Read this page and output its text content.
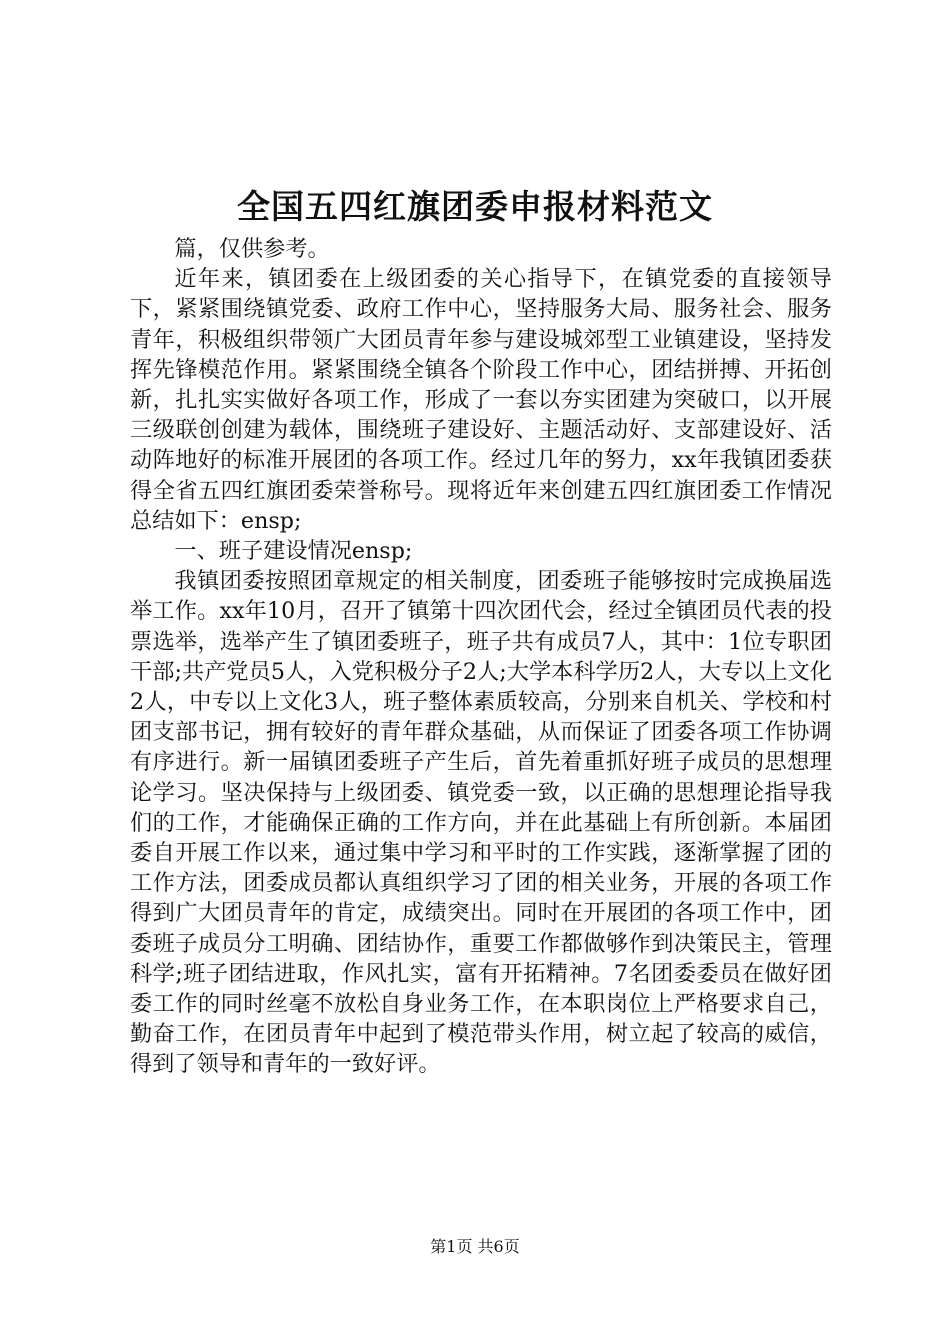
全国五四红旗团委申报材料范文

篇，仅供参考。

近年来，镇团委在上级团委的关心指导下，在镇党委的直接领导下，紧紧围绕镇党委、政府工作中心，坚持服务大局、服务社会、服务青年，积极组织带领广大团员青年参与建设城郊型工业镇建设，坚持发挥先锋模范作用。紧紧围绕全镇各个阶段工作中心，团结拼搏、开拓创新，扎扎实实做好各项工作，形成了一套以夯实团建为突破口，以开展三级联创创建为载体，围绕班子建设好、主题活动好、支部建设好、活动阵地好的标准开展团的各项工作。经过几年的努力，xx年我镇团委获得全省五四红旗团委荣誉称号。现将近年来创建五四红旗团委工作情况总结如下：ensp;

一、班子建设情况ensp;

我镇团委按照团章规定的相关制度，团委班子能够按时完成换届选举工作。xx年10月，召开了镇第十四次团代会，经过全镇团员代表的投票选举，选举产生了镇团委班子，班子共有成员7人，其中：1位专职团干部;共产党员5人，入党积极分子2人;大学本科学历2人，大专以上文化2人，中专以上文化3人，班子整体素质较高，分别来自机关、学校和村团支部书记，拥有较好的青年群众基础，从而保证了团委各项工作协调有序进行。新一届镇团委班子产生后，首先着重抓好班子成员的思想理论学习。坚决保持与上级团委、镇党委一致，以正确的思想理论指导我们的工作，才能确保正确的工作方向，并在此基础上有所创新。本届团委自开展工作以来，通过集中学习和平时的工作实践，逐渐掌握了团的工作方法，团委成员都认真组织学习了团的相关业务，开展的各项工作得到广大团员青年的肯定，成绩突出。同时在开展团的各项工作中，团委班子成员分工明确、团结协作，重要工作都做够作到决策民主，管理科学;班子团结进取，作风扎实，富有开拓精神。7名团委委员在做好团委工作的同时丝毫不放松自身业务工作，在本职岗位上严格要求自己，勤奋工作，在团员青年中起到了模范带头作用，树立起了较高的威信，得到了领导和青年的一致好评。

第1页 共6页
